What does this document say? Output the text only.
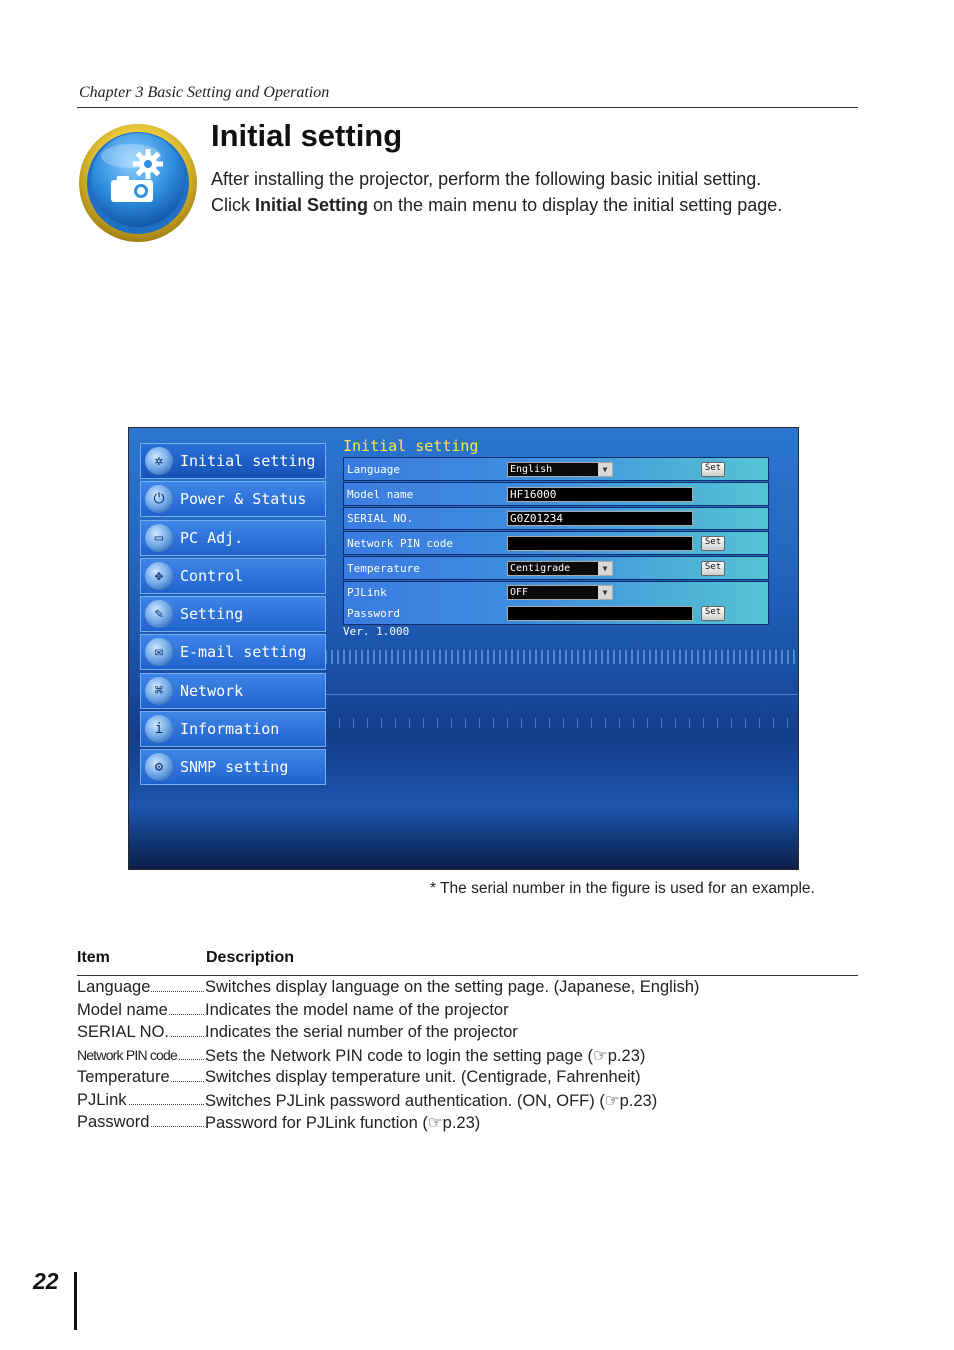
Chapter 3 Basic Setting and Operation
Initial setting

After installing the projector, perform the following basic initial setting.

Click Initial Setting on the main menu to display the initial setting page.

✲	Initial setting
⏻	Power & Status
▭	PC Adj.
✥	Control
✎	Setting
✉	E-mail setting
⌘	Network
i	Information
⚙	SNMP setting
Initial setting
Language	English	▼	Set
Model name	HF16000
SERIAL NO.	G0Z01234
Network PIN code	Set
Temperature	Centigrade	▼	Set
PJLink	OFF	▼
Password	Set
Ver. 1.000
* The serial number in the figure is used for an example.
Item	Description
Language	Switches display language on the setting page. (Japanese, English)
Model name	Indicates the model name of the projector
SERIAL NO.	Indicates the serial number of the projector
Network PIN code	Sets the Network PIN code to login the setting page (☞p.23)
Temperature	Switches display temperature unit. (Centigrade, Fahrenheit)
PJLink	Switches PJLink password authentication. (ON, OFF) (☞p.23)
Password	Password for PJLink function (☞p.23)
22
